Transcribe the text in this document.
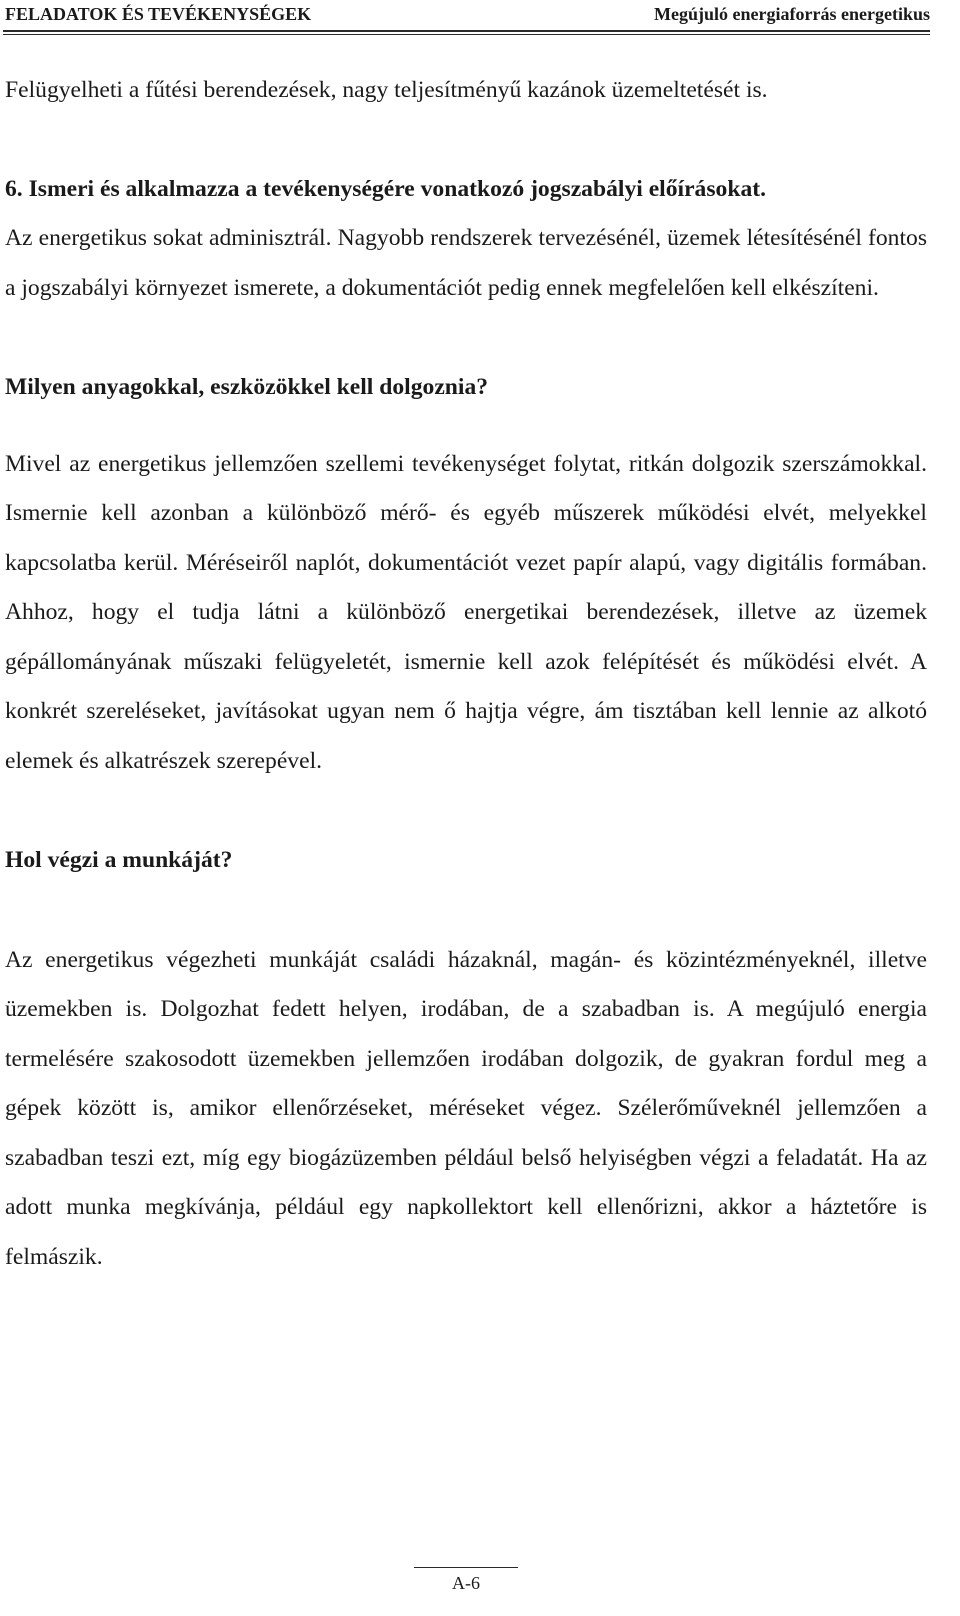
FELADATOK ÉS TEVÉKENYSÉGEK	Megújuló energiaforrás energetikus

Felügyelheti a fűtési berendezések, nagy teljesítményű kazánok üzemeltetését is.

6. Ismeri és alkalmazza a tevékenységére vonatkozó jogszabályi előírásokat.

Az energetikus sokat adminisztrál. Nagyobb rendszerek tervezésénél, üzemek létesítésénél fontos a jogszabályi környezet ismerete, a dokumentációt pedig ennek megfelelően kell elkészíteni.

Milyen anyagokkal, eszközökkel kell dolgoznia?

Mivel az energetikus jellemzően szellemi tevékenységet folytat, ritkán dolgozik szerszámokkal. Ismernie kell azonban a különböző mérő- és egyéb műszerek működési elvét, melyekkel kapcsolatba kerül. Méréseiről naplót, dokumentációt vezet papír alapú, vagy digitális formában. Ahhoz, hogy el tudja látni a különböző energetikai berendezések, illetve az üzemek gépállományának műszaki felügyeletét, ismernie kell azok felépítését és működési elvét. A konkrét szereléseket, javításokat ugyan nem ő hajtja végre, ám tisztában kell lennie az alkotó elemek és alkatrészek szerepével.

Hol végzi a munkáját?

Az energetikus végezheti munkáját családi házaknál, magán- és közintézményeknél, illetve üzemekben is. Dolgozhat fedett helyen, irodában, de a szabadban is. A megújuló energia termelésére szakosodott üzemekben jellemzően irodában dolgozik, de gyakran fordul meg a gépek között is, amikor ellenőrzéseket, méréseket végez. Szélerőműveknél jellemzően a szabadban teszi ezt, míg egy biogázüzemben például belső helyiségben végzi a feladatát. Ha az adott munka megkívánja, például egy napkollektort kell ellenőrizni, akkor a háztetőre is felmászik.

A-6
